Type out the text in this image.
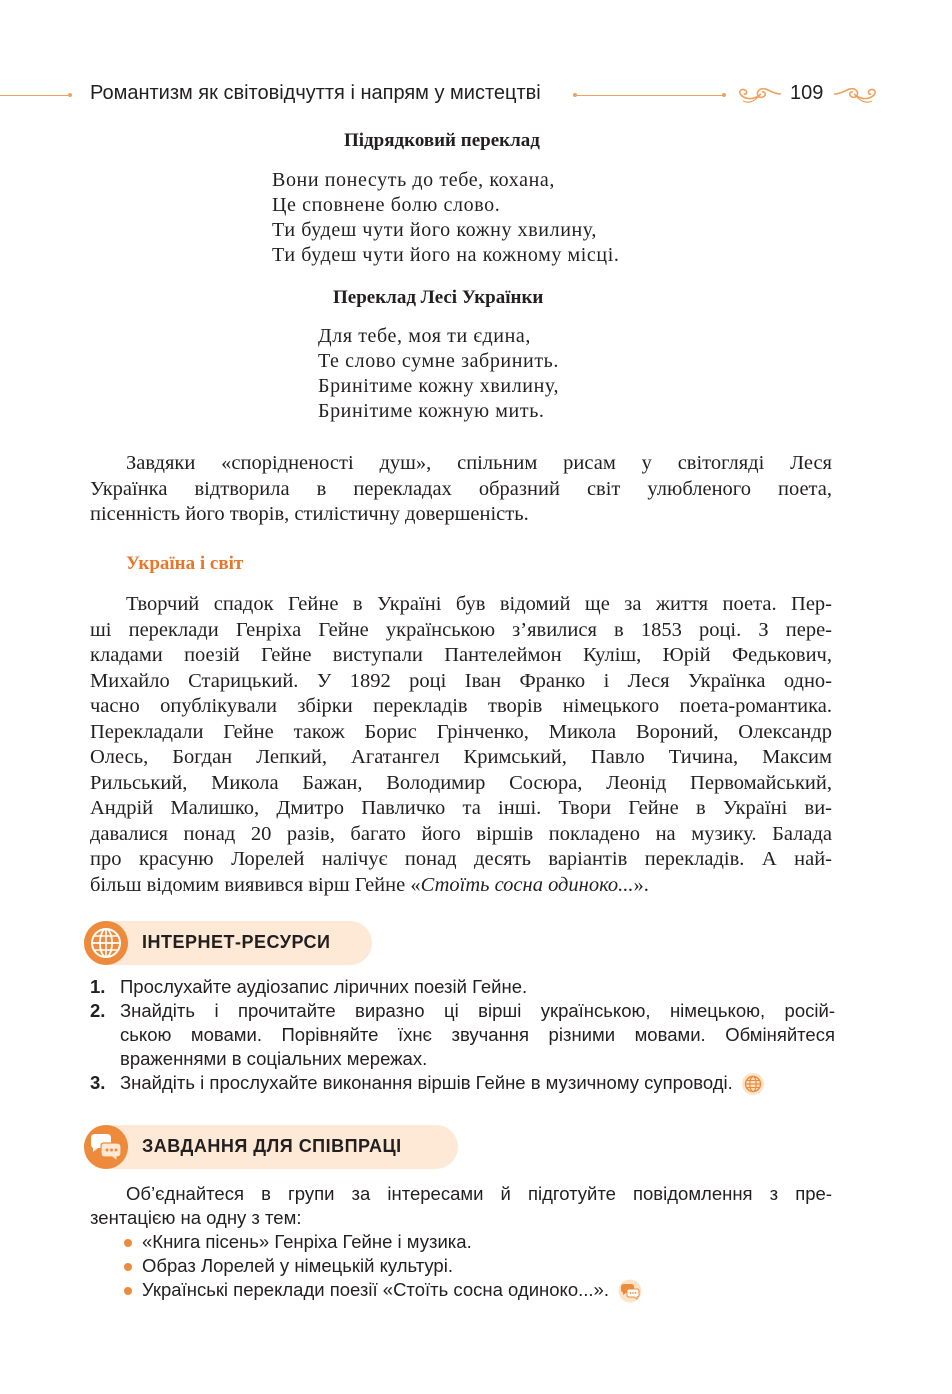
Романтизм як світовідчуття і напрям у мистецтві	109
Підрядковий переклад
Вони понесуть до тебе, кохана,
Це сповнене болю слово.
Ти будеш чути його кожну хвилину,
Ти будеш чути його на кожному місці.
Переклад Лесі Українки
Для тебе, моя ти єдина,
Те слово сумне забринить.
Бринітиме кожну хвилину,
Бринітиме кожную мить.
Завдяки «спорідненості душ», спільним рисам у світогляді Леся
Українка відтворила в перекладах образний світ улюбленого поета,
пісенність його творів, стилістичну довершеність.
Україна і світ
Творчий спадок Гейне в Україні був відомий ще за життя поета. Пер-
ші переклади Генріха Гейне українською з’явилися в 1853 році. З пере-
кладами поезій Гейне виступали Пантелеймон Куліш, Юрій Федькович,
Михайло Старицький. У 1892 році Іван Франко і Леся Українка одно-
часно опублікували збірки перекладів творів німецького поета-романтика.
Перекладали Гейне також Борис Грінченко, Микола Вороний, Олександр
Олесь, Богдан Лепкий, Агатангел Кримський, Павло Тичина, Максим
Рильський, Микола Бажан, Володимир Сосюра, Леонід Первомайський,
Андрій Малишко, Дмитро Павличко та інші. Твори Гейне в Україні ви-
давалися понад 20 разів, багато його віршів покладено на музику. Балада
про красуню Лорелей налічує понад десять варіантів перекладів. А най-
більш відомим виявився вірш Гейне «Стоїть сосна одиноко...».
ІНТЕРНЕТ-РЕСУРСИ
1. Прослухайте аудіозапис ліричних поезій Гейне.
2. Знайдіть і прочитайте виразно ці вірші українською, німецькою, росій-
ською мовами. Порівняйте їхнє звучання різними мовами. Обміняйтеся
враженнями в соціальних мережах.
3. Знайдіть і прослухайте виконання віршів Гейне в музичному супроводі.
ЗАВДАННЯ ДЛЯ СПІВПРАЦІ
Об’єднайтеся в групи за інтересами й підготуйте повідомлення з пре-
зентацією на одну з тем:
«Книга пісень» Генріха Гейне і музика.
Образ Лорелей у німецькій культурі.
Українські переклади поезії «Стоїть сосна одиноко...».
